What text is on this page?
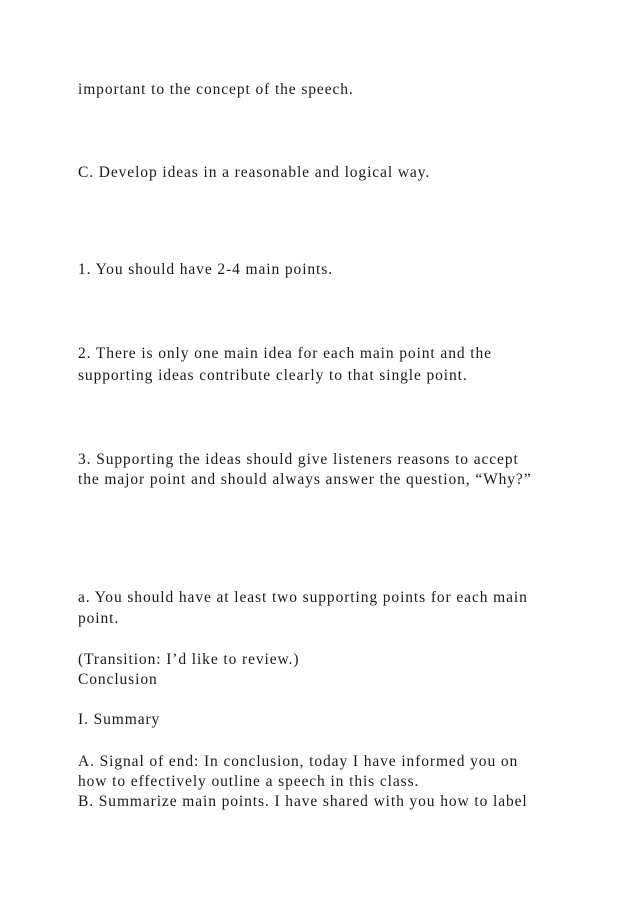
important to the concept of the speech.

C. Develop ideas in a reasonable and logical way.

1. You should have 2-4 main points.

2. There is only one main idea for each main point and the

supporting ideas contribute clearly to that single point.

3. Supporting the ideas should give listeners reasons to accept

the major point and should always answer the question, “Why?”

a. You should have at least two supporting points for each main

point.

(Transition: I’d like to review.)

Conclusion

I. Summary

A. Signal of end: In conclusion, today I have informed you on

how to effectively outline a speech in this class.

B. Summarize main points. I have shared with you how to label
